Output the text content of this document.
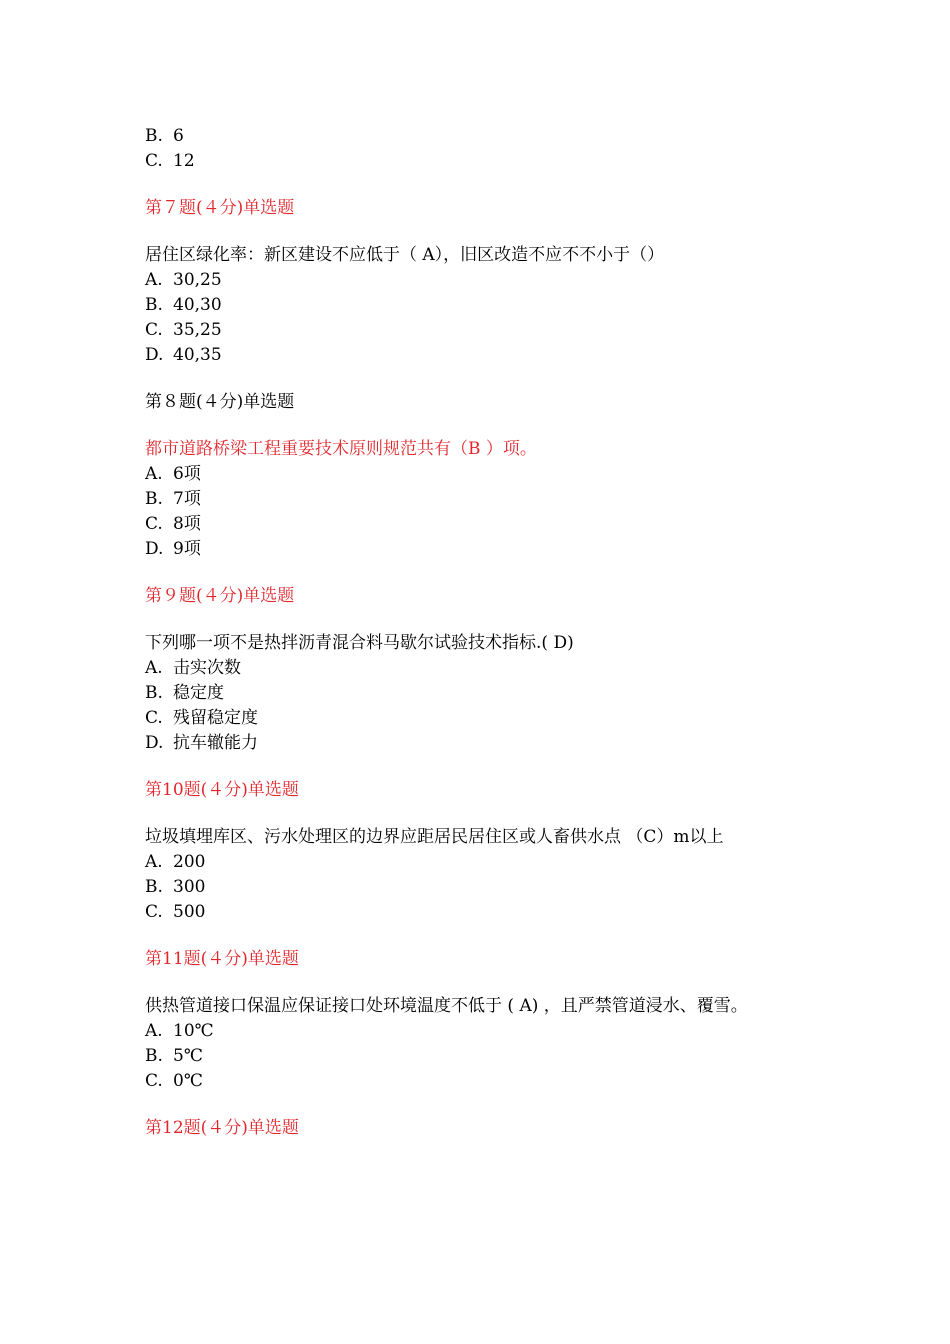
B. 6
C. 12
第７题(４分)单选题
居住区绿化率：新区建设不应低于（ A），旧区改造不应不不小于（）
A. 30,25
B. 40,30
C. 35,25
D. 40,35
第８题(４分)单选题
都市道路桥梁工程重要技术原则规范共有（B ）项。
A. 6项
B. 7项
C. 8项
D. 9项
第９题(４分)单选题
下列哪一项不是热拌沥青混合料马歇尔试验技术指标.( D)
A. 击实次数
B. 稳定度
C. 残留稳定度
D. 抗车辙能力
第10题(４分)单选题
垃圾填埋库区、污水处理区的边界应距居民居住区或人畜供水点 （C）m以上
A. 200
B. 300
C. 500
第11题(４分)单选题
供热管道接口保温应保证接口处环境温度不低于 ( A) ，且严禁管道浸水、覆雪。
A. 10℃
B. 5℃
C. 0℃
第12题(４分)单选题
